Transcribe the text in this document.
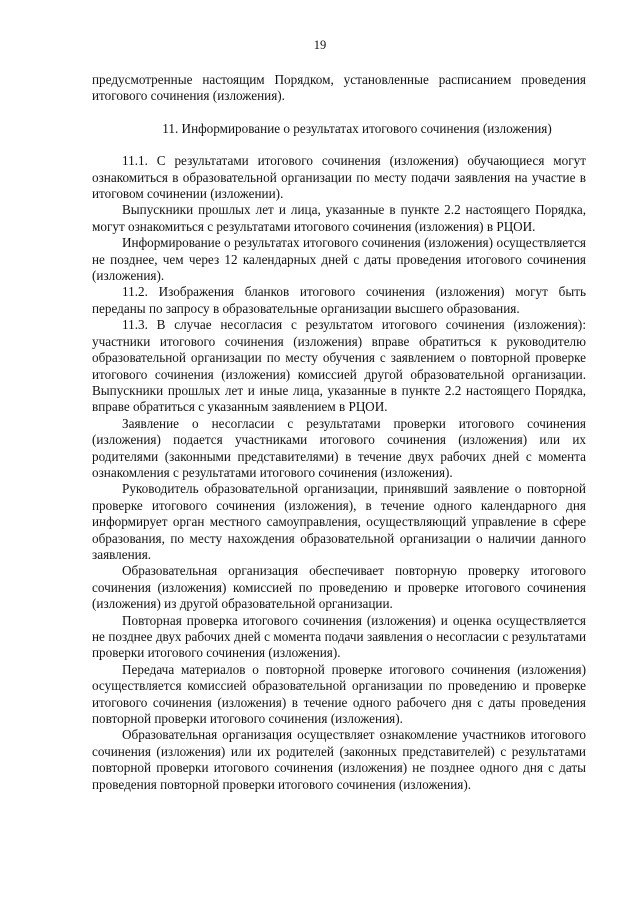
19

предусмотренные настоящим Порядком, установленные расписанием проведения итогового сочинения (изложения).

11. Информирование о результатах итогового сочинения (изложения)

11.1. С результатами итогового сочинения (изложения) обучающиеся могут ознакомиться в образовательной организации по месту подачи заявления на участие в итоговом сочинении (изложении).

Выпускники прошлых лет и лица, указанные в пункте 2.2 настоящего Порядка, могут ознакомиться с результатами итогового сочинения (изложения) в РЦОИ.

Информирование о результатах итогового сочинения (изложения) осуществляется не позднее, чем через 12 календарных дней с даты проведения итогового сочинения (изложения).

11.2. Изображения бланков итогового сочинения (изложения) могут быть переданы по запросу в образовательные организации высшего образования.

11.3. В случае несогласия с результатом итогового сочинения (изложения): участники итогового сочинения (изложения) вправе обратиться к руководителю образовательной организации по месту обучения с заявлением о повторной проверке итогового сочинения (изложения) комиссией другой образовательной организации. Выпускники прошлых лет и иные лица, указанные в пункте 2.2 настоящего Порядка, вправе обратиться с указанным заявлением в РЦОИ.

Заявление о несогласии с результатами проверки итогового сочинения (изложения) подается участниками итогового сочинения (изложения) или их родителями (законными представителями) в течение двух рабочих дней с момента ознакомления с результатами итогового сочинения (изложения).

Руководитель образовательной организации, принявший заявление о повторной проверке итогового сочинения (изложения), в течение одного календарного дня информирует орган местного самоуправления, осуществляющий управление в сфере образования, по месту нахождения образовательной организации о наличии данного заявления.

Образовательная организация обеспечивает повторную проверку итогового сочинения (изложения) комиссией по проведению и проверке итогового сочинения (изложения) из другой образовательной организации.

Повторная проверка итогового сочинения (изложения) и оценка осуществляется не позднее двух рабочих дней с момента подачи заявления о несогласии с результатами проверки итогового сочинения (изложения).

Передача материалов о повторной проверке итогового сочинения (изложения) осуществляется комиссией образовательной организации по проведению и проверке итогового сочинения (изложения) в течение одного рабочего дня с даты проведения повторной проверки итогового сочинения (изложения).

Образовательная организация осуществляет ознакомление участников итогового сочинения (изложения) или их родителей (законных представителей) с результатами повторной проверки итогового сочинения (изложения) не позднее одного дня с даты проведения повторной проверки итогового сочинения (изложения).
